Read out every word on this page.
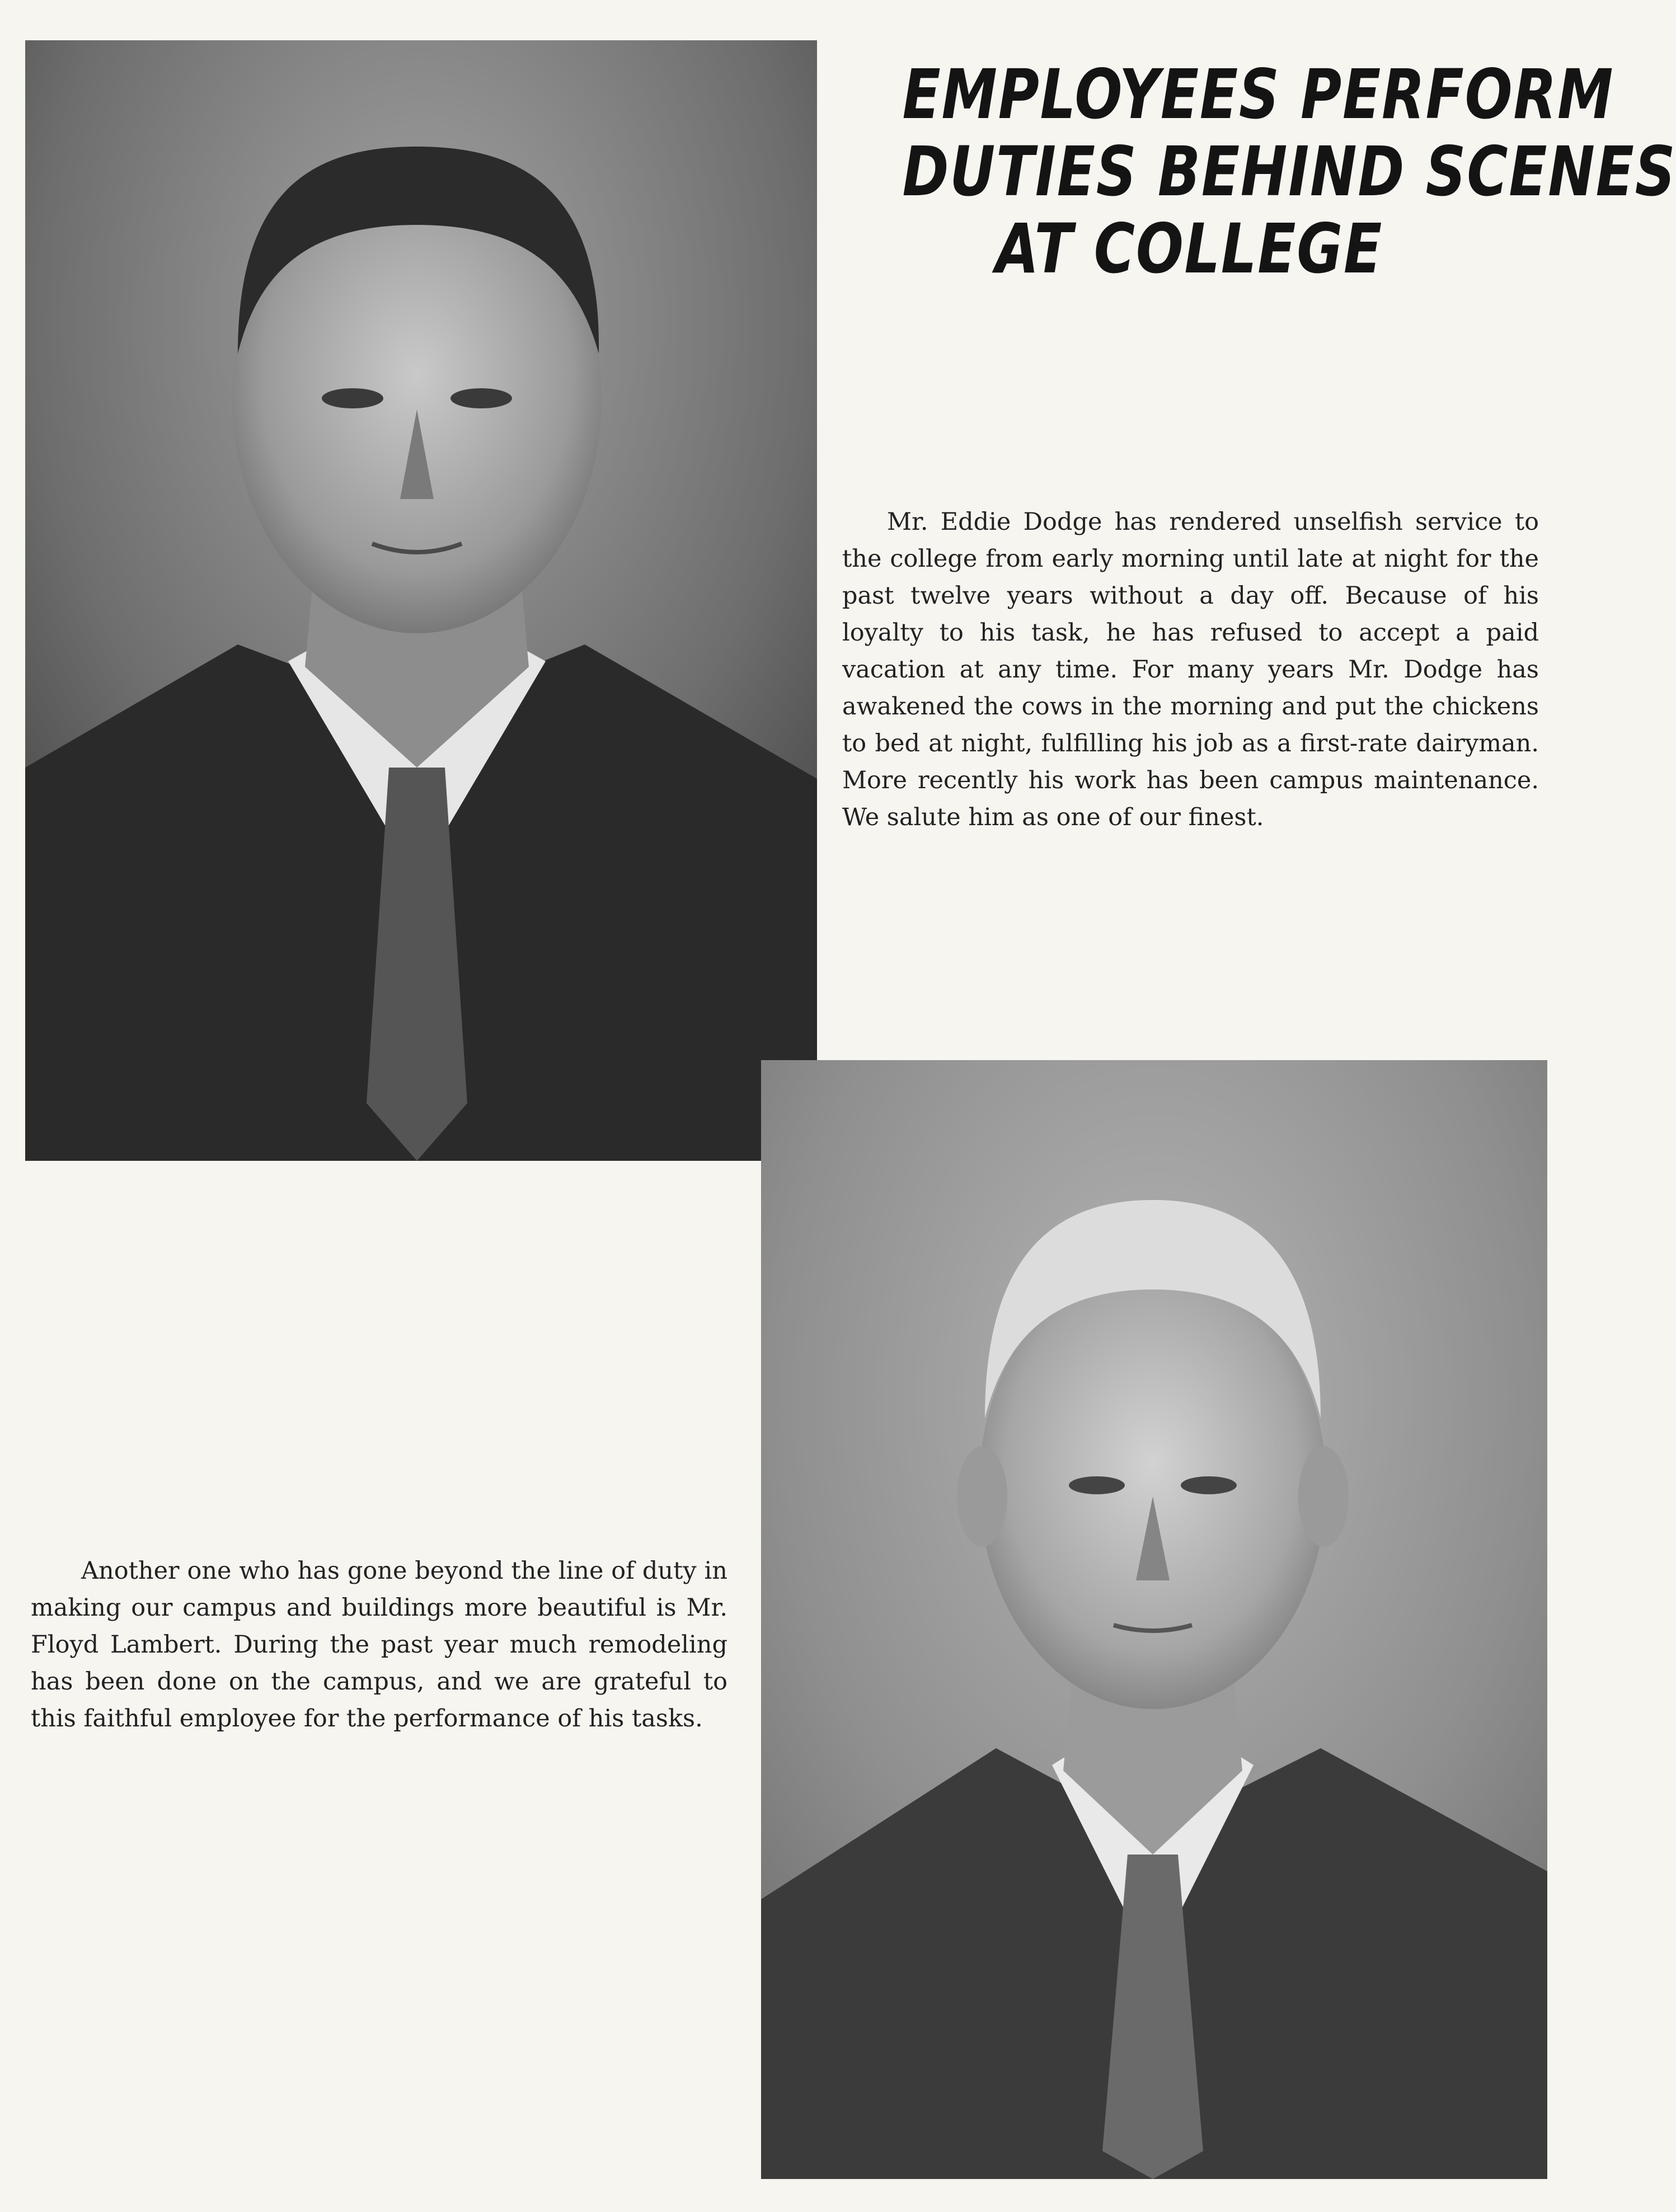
EMPLOYEES PERFORM
DUTIES BEHIND SCENES
AT COLLEGE

Mr. Eddie Dodge has rendered unselfish service to the college from early morning until late at night for the past twelve years without a day off. Because of his loyalty to his task, he has refused to accept a paid vacation at any time. For many years Mr. Dodge has awakened the cows in the morning and put the chickens to bed at night, fulfilling his job as a first-rate dairyman. More recently his work has been campus maintenance. We salute him as one of our finest.

Another one who has gone beyond the line of duty in making our campus and buildings more beautiful is Mr. Floyd Lambert. During the past year much remodeling has been done on the campus, and we are grateful to this faithful employee for the performance of his tasks.
